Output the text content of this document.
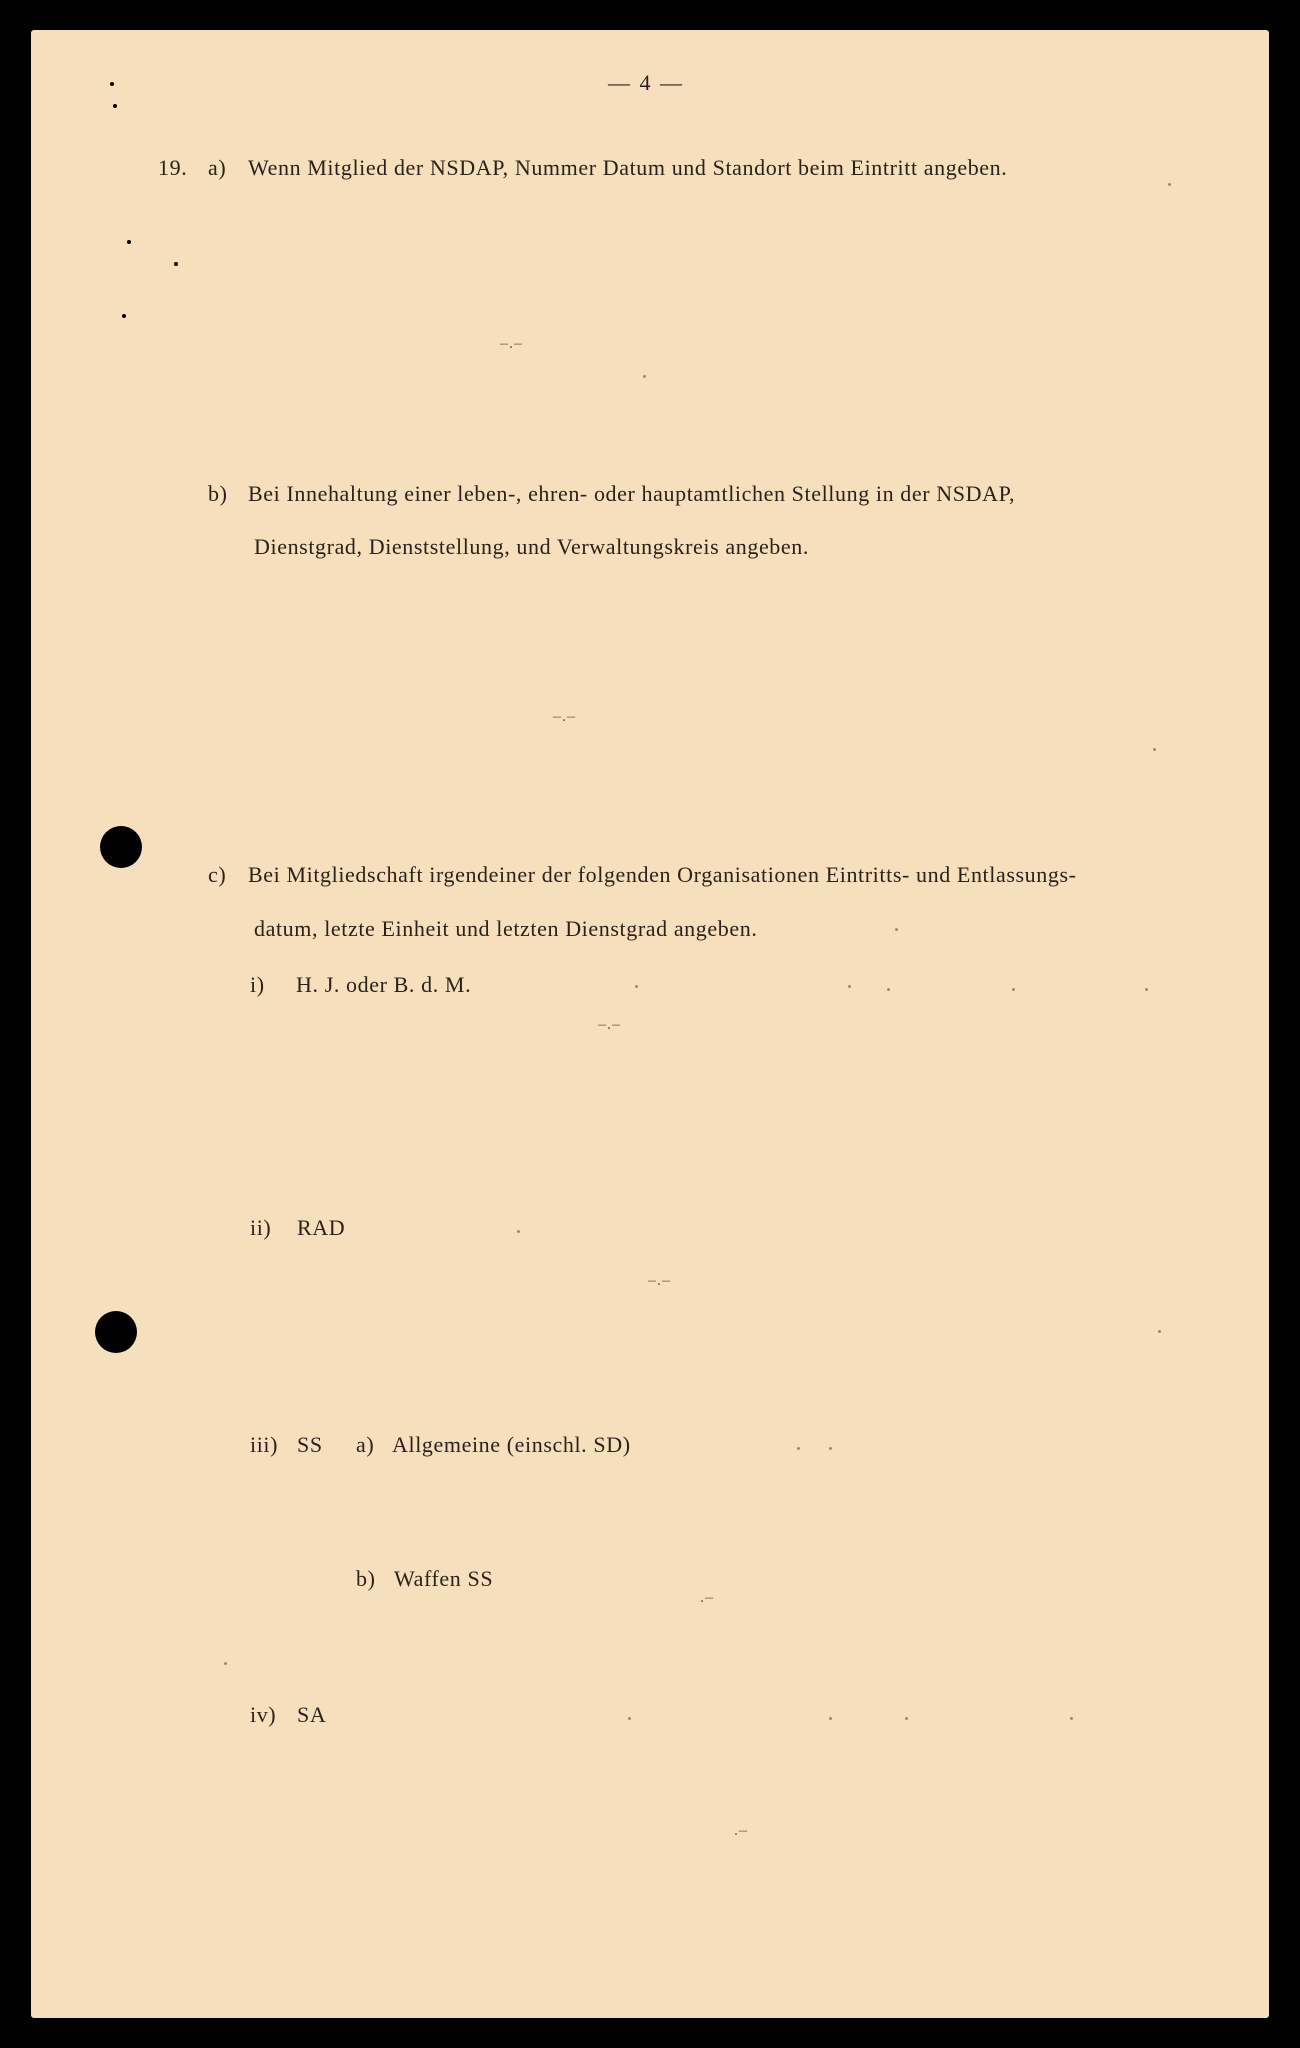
— 4 —
19. a) Wenn Mitglied der NSDAP, Nummer Datum und Standort beim Eintritt angeben.
–.–
b) Bei Innehaltung einer leben-, ehren- oder hauptamtlichen Stellung in der NSDAP,
Dienstgrad, Dienststellung, und Verwaltungskreis angeben.
–.–
c) Bei Mitgliedschaft irgendeiner der folgenden Organisationen Eintritts- und Entlassungs-
datum, letzte Einheit und letzten Dienstgrad angeben.
i) H. J. oder B. d. M.
–.–
ii) RAD
–.–
iii) SS a) Allgemeine (einschl. SD)
b) Waffen SS
.–
iv) SA
.–
